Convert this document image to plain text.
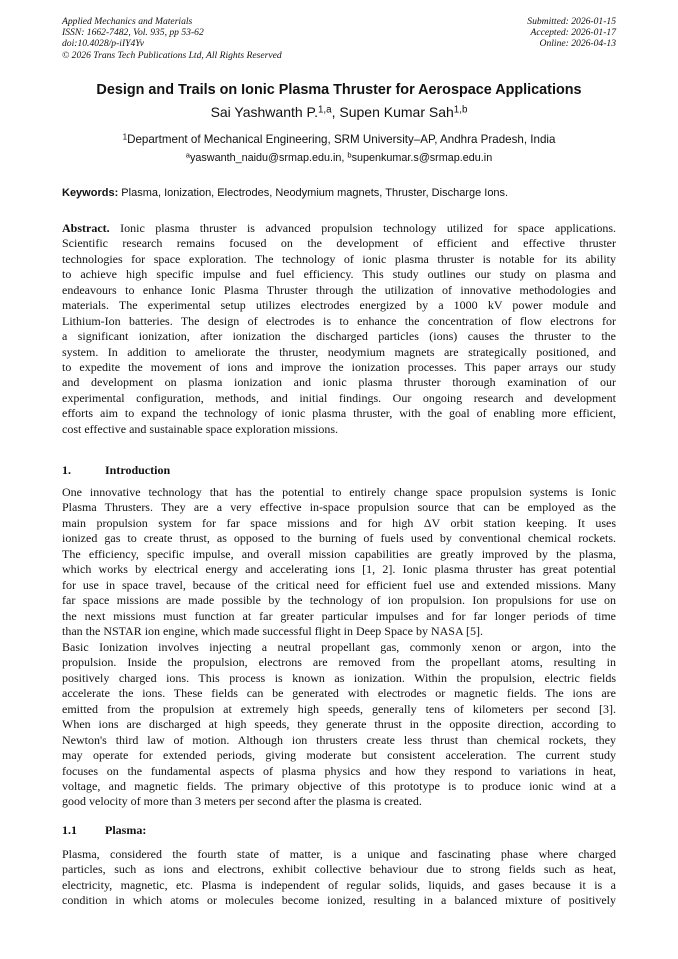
Applied Mechanics and Materials
ISSN: 1662-7482, Vol. 935, pp 53-62
doi:10.4028/p-iIY4Yv
© 2026 Trans Tech Publications Ltd, All Rights Reserved
Submitted: 2026-01-15
Accepted: 2026-01-17
Online: 2026-04-13
Design and Trails on Ionic Plasma Thruster for Aerospace Applications
Sai Yashwanth P.$^{1,a}$, Supen Kumar Sah$^{1,b}$
$^1$Department of Mechanical Engineering, SRM University–AP, Andhra Pradesh, India
$^a$yaswanth_naidu@srmap.edu.in, $^b$supenkumar.s@srmap.edu.in
Keywords: Plasma, Ionization, Electrodes, Neodymium magnets, Thruster, Discharge Ions.
Abstract. Ionic plasma thruster is advanced propulsion technology utilized for space applications.
Scientific research remains focused on the development of efficient and effective thruster
technologies for space exploration. The technology of ionic plasma thruster is notable for its ability
to achieve high specific impulse and fuel efficiency. This study outlines our study on plasma and
endeavours to enhance Ionic Plasma Thruster through the utilization of innovative methodologies and
materials. The experimental setup utilizes electrodes energized by a 1000 kV power module and
Lithium-Ion batteries. The design of electrodes is to enhance the concentration of flow electrons for
a significant ionization, after ionization the discharged particles (ions) causes the thruster to the
system. In addition to ameliorate the thruster, neodymium magnets are strategically positioned, and
to expedite the movement of ions and improve the ionization processes. This paper arrays our study
and development on plasma ionization and ionic plasma thruster thorough examination of our
experimental configuration, methods, and initial findings. Our ongoing research and development
efforts aim to expand the technology of ionic plasma thruster, with the goal of enabling more efficient,
cost effective and sustainable space exploration missions.
1.	Introduction
One innovative technology that has the potential to entirely change space propulsion systems is Ionic
Plasma Thrusters. They are a very effective in-space propulsion source that can be employed as the
main propulsion system for far space missions and for high ΔV orbit station keeping. It uses
ionized gas to create thrust, as opposed to the burning of fuels used by conventional chemical rockets.
The efficiency, specific impulse, and overall mission capabilities are greatly improved by the plasma,
which works by electrical energy and accelerating ions [1, 2]. Ionic plasma thruster has great potential
for use in space travel, because of the critical need for efficient fuel use and extended missions. Many
far space missions are made possible by the technology of ion propulsion. Ion propulsions for use on
the next missions must function at far greater particular impulses and for far longer periods of time
than the NSTAR ion engine, which made successful flight in Deep Space by NASA [5].
Basic Ionization involves injecting a neutral propellant gas, commonly xenon or argon, into the
propulsion. Inside the propulsion, electrons are removed from the propellant atoms, resulting in
positively charged ions. This process is known as ionization. Within the propulsion, electric fields
accelerate the ions. These fields can be generated with electrodes or magnetic fields. The ions are
emitted from the propulsion at extremely high speeds, generally tens of kilometers per second [3].
When ions are discharged at high speeds, they generate thrust in the opposite direction, according to
Newton's third law of motion. Although ion thrusters create less thrust than chemical rockets, they
may operate for extended periods, giving moderate but consistent acceleration. The current study
focuses on the fundamental aspects of plasma physics and how they respond to variations in heat,
voltage, and magnetic fields. The primary objective of this prototype is to produce ionic wind at a
good velocity of more than 3 meters per second after the plasma is created.
1.1 Plasma:
Plasma, considered the fourth state of matter, is a unique and fascinating phase where charged
particles, such as ions and electrons, exhibit collective behaviour due to strong fields such as heat,
electricity, magnetic, etc. Plasma is independent of regular solids, liquids, and gases because it is a
condition in which atoms or molecules become ionized, resulting in a balanced mixture of positively
